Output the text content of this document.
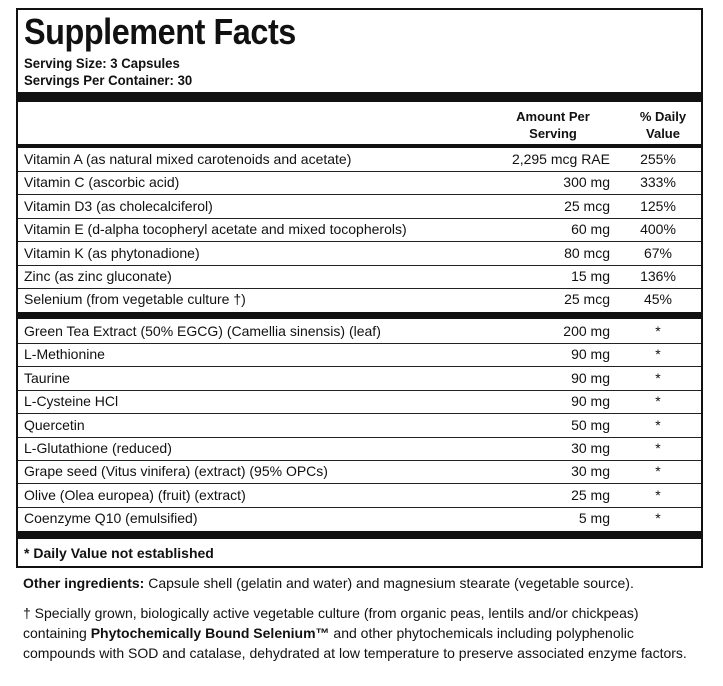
Supplement Facts
Serving Size: 3 Capsules
Servings Per Container: 30
Amount Per
Serving
% Daily
Value
Vitamin A (as natural mixed carotenoids and acetate)	2,295 mcg RAE	255%
Vitamin C (ascorbic acid)	300 mg	333%
Vitamin D3 (as cholecalciferol)	25 mcg	125%
Vitamin E (d-alpha tocopheryl acetate and mixed tocopherols)	60 mg	400%
Vitamin K (as phytonadione)	80 mcg	67%
Zinc (as zinc gluconate)	15 mg	136%
Selenium (from vegetable culture †)	25 mcg	45%
Green Tea Extract (50% EGCG) (Camellia sinensis) (leaf)	200 mg	*
L-Methionine	90 mg	*
Taurine	90 mg	*
L-Cysteine HCl	90 mg	*
Quercetin	50 mg	*
L-Glutathione (reduced)	30 mg	*
Grape seed (Vitus vinifera) (extract) (95% OPCs)	30 mg	*
Olive (Olea europea) (fruit) (extract)	25 mg	*
Coenzyme Q10 (emulsified)	5 mg	*
* Daily Value not established
Other ingredients: Capsule shell (gelatin and water) and magnesium stearate (vegetable source).
† Specially grown, biologically active vegetable culture (from organic peas, lentils and/or chickpeas) containing Phytochemically Bound Selenium™ and other phytochemicals including polyphenolic compounds with SOD and catalase, dehydrated at low temperature to preserve associated enzyme factors.
